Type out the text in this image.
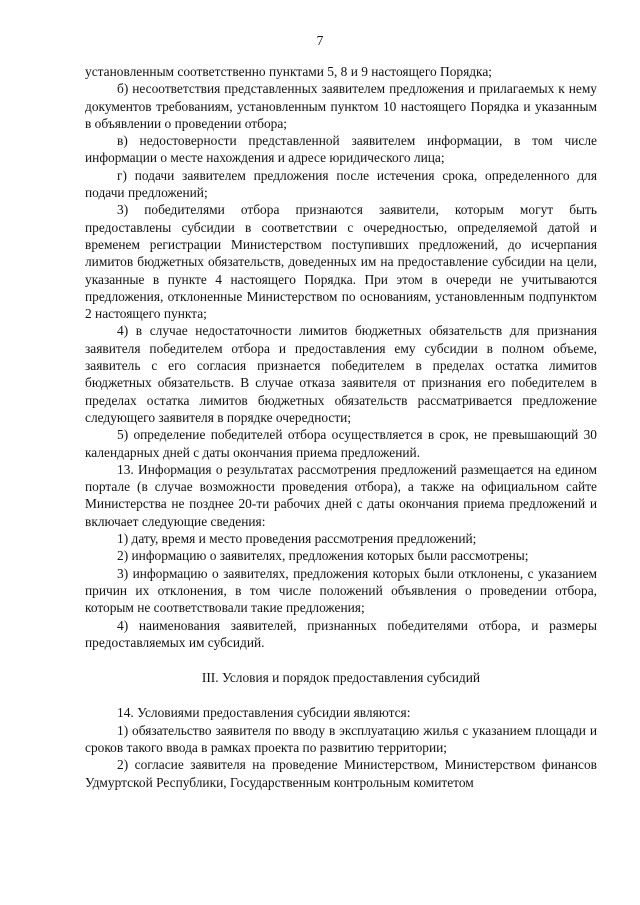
7

установленным соответственно пунктами 5, 8 и 9 настоящего Порядка;

б) несоответствия представленных заявителем предложения и прилагаемых к нему документов требованиям, установленным пунктом 10 настоящего Порядка и указанным в объявлении о проведении отбора;

в) недостоверности представленной заявителем информации, в том числе информации о месте нахождения и адресе юридического лица;

г) подачи заявителем предложения после истечения срока, определенного для подачи предложений;

3) победителями отбора признаются заявители, которым могут быть предоставлены субсидии в соответствии с очередностью, определяемой датой и временем регистрации Министерством поступивших предложений, до исчерпания лимитов бюджетных обязательств, доведенных им на предоставление субсидии на цели, указанные в пункте 4 настоящего Порядка. При этом в очереди не учитываются предложения, отклоненные Министерством по основаниям, установленным подпунктом 2 настоящего пункта;

4) в случае недостаточности лимитов бюджетных обязательств для признания заявителя победителем отбора и предоставления ему субсидии в полном объеме, заявитель с его согласия признается победителем в пределах остатка лимитов бюджетных обязательств. В случае отказа заявителя от признания его победителем в пределах остатка лимитов бюджетных обязательств рассматривается предложение следующего заявителя в порядке очередности;

5) определение победителей отбора осуществляется в срок, не превышающий 30 календарных дней с даты окончания приема предложений.

13. Информация о результатах рассмотрения предложений размещается на едином портале (в случае возможности проведения отбора), а также на официальном сайте Министерства не позднее 20-ти рабочих дней с даты окончания приема предложений и включает следующие сведения:

1) дату, время и место проведения рассмотрения предложений;

2) информацию о заявителях, предложения которых были рассмотрены;

3) информацию о заявителях, предложения которых были отклонены, с указанием причин их отклонения, в том числе положений объявления о проведении отбора, которым не соответствовали такие предложения;

4) наименования заявителей, признанных победителями отбора, и размеры предоставляемых им субсидий.

III. Условия и порядок предоставления субсидий

14. Условиями предоставления субсидии являются:

1) обязательство заявителя по вводу в эксплуатацию жилья с указанием площади и сроков такого ввода в рамках проекта по развитию территории;

2) согласие заявителя на проведение Министерством, Министерством финансов Удмуртской Республики, Государственным контрольным комитетом
